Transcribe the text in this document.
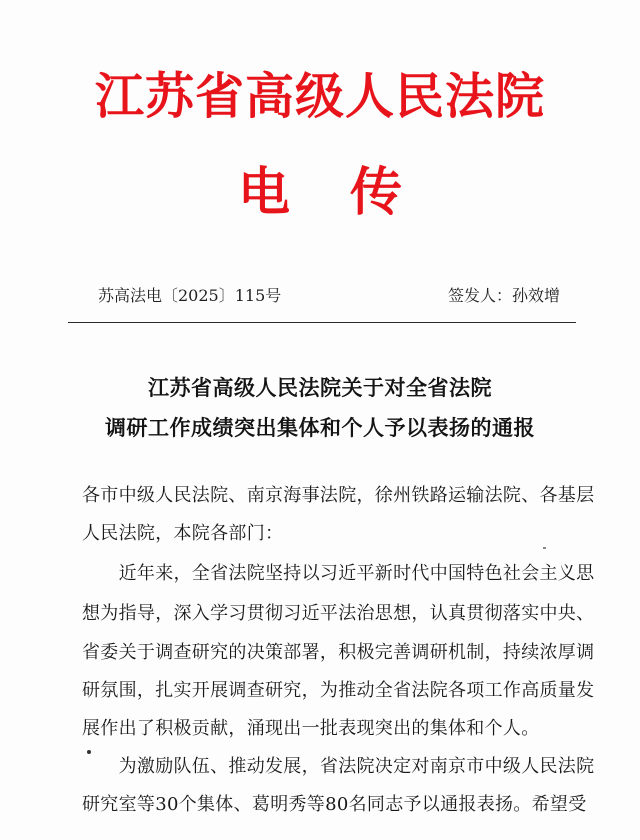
江苏省高级人民法院
电传
苏高法电〔2025〕115号	签发人：孙效增
江苏省高级人民法院关于对全省法院
调研工作成绩突出集体和个人予以表扬的通报
各市中级人民法院、南京海事法院，徐州铁路运输法院、各基层
人民法院，本院各部门：
　　近年来，全省法院坚持以习近平新时代中国特色社会主义思
想为指导，深入学习贯彻习近平法治思想，认真贯彻落实中央、
省委关于调查研究的决策部署，积极完善调研机制，持续浓厚调
研氛围，扎实开展调查研究，为推动全省法院各项工作高质量发
展作出了积极贡献，涌现出一批表现突出的集体和个人。
　　为激励队伍、推动发展，省法院决定对南京市中级人民法院
研究室等30个集体、葛明秀等80名同志予以通报表扬。希望受
